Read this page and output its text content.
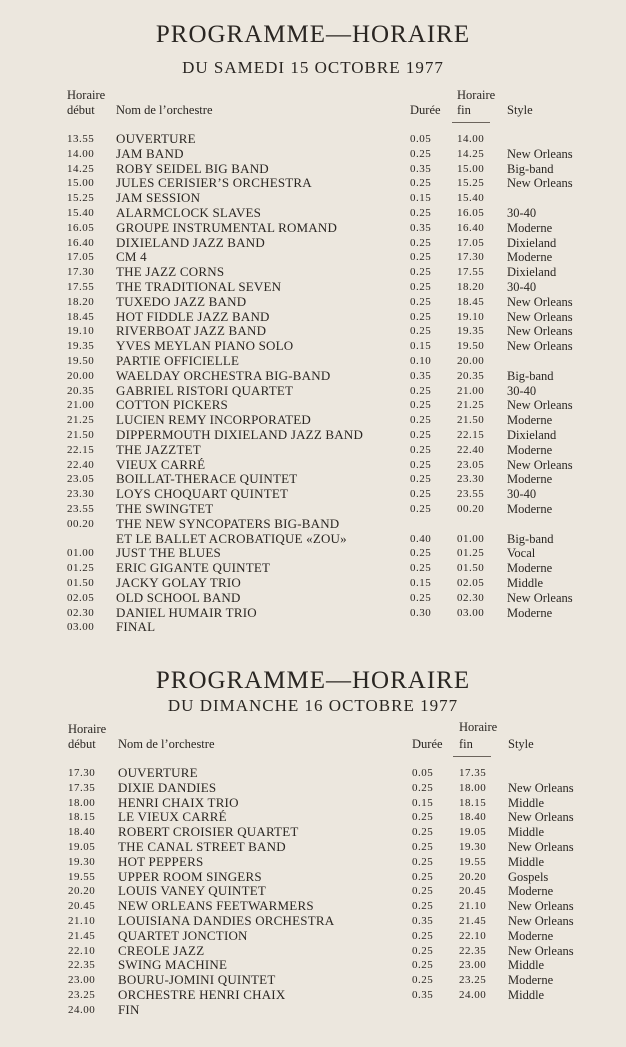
PROGRAMME—HORAIRE
DU SAMEDI 15 OCTOBRE 1977
Horaire
début Nom de l’orchestre	Durée
Horaire
fin	Style
13.55 OUVERTURE	0.05 14.00
14.00 JAM BAND	0.25 14.25 New Orleans
14.25 ROBY SEIDEL BIG BAND	0.35 15.00 Big-band
15.00 JULES CERISIER’S ORCHESTRA	0.25 15.25 New Orleans
15.25 JAM SESSION	0.15 15.40
15.40 ALARMCLOCK SLAVES	0.25 16.05 30-40
16.05 GROUPE INSTRUMENTAL ROMAND	0.35 16.40 Moderne
16.40 DIXIELAND JAZZ BAND	0.25 17.05 Dixieland
17.05 CM 4	0.25 17.30 Moderne
17.30 THE JAZZ CORNS	0.25 17.55 Dixieland
17.55 THE TRADITIONAL SEVEN	0.25 18.20 30-40
18.20 TUXEDO JAZZ BAND	0.25 18.45 New Orleans
18.45 HOT FIDDLE JAZZ BAND	0.25 19.10 New Orleans
19.10 RIVERBOAT JAZZ BAND	0.25 19.35 New Orleans
19.35 YVES MEYLAN PIANO SOLO	0.15 19.50 New Orleans
19.50 PARTIE OFFICIELLE	0.10 20.00
20.00 WAELDAY ORCHESTRA BIG-BAND	0.35 20.35 Big-band
20.35 GABRIEL RISTORI QUARTET	0.25 21.00 30-40
21.00 COTTON PICKERS	0.25 21.25 New Orleans
21.25 LUCIEN REMY INCORPORATED	0.25 21.50 Moderne
21.50 DIPPERMOUTH DIXIELAND JAZZ BAND	0.25 22.15 Dixieland
22.15 THE JAZZTET	0.25 22.40 Moderne
22.40 VIEUX CARRÉ	0.25 23.05 New Orleans
23.05 BOILLAT-THERACE QUINTET	0.25 23.30 Moderne
23.30 LOYS CHOQUART QUINTET	0.25 23.55 30-40
23.55 THE SWINGTET	0.25 00.20 Moderne
00.20 THE NEW SYNCOPATERS BIG-BAND
ET LE BALLET ACROBATIQUE «ZOU»	0.40 01.00 Big-band
01.00 JUST THE BLUES	0.25 01.25 Vocal
01.25 ERIC GIGANTE QUINTET	0.25 01.50 Moderne
01.50 JACKY GOLAY TRIO	0.15 02.05 Middle
02.05 OLD SCHOOL BAND	0.25 02.30 New Orleans
02.30 DANIEL HUMAIR TRIO	0.30 03.00 Moderne
03.00 FINAL
PROGRAMME—HORAIRE
DU DIMANCHE 16 OCTOBRE 1977
Horaire
début Nom de l’orchestre	Durée
Horaire
fin	Style
17.30 OUVERTURE	0.05 17.35
17.35 DIXIE DANDIES	0.25 18.00 New Orleans
18.00 HENRI CHAIX TRIO	0.15 18.15 Middle
18.15 LE VIEUX CARRÉ	0.25 18.40 New Orleans
18.40 ROBERT CROISIER QUARTET	0.25 19.05 Middle
19.05 THE CANAL STREET BAND	0.25 19.30 New Orleans
19.30 HOT PEPPERS	0.25 19.55 Middle
19.55 UPPER ROOM SINGERS	0.25 20.20 Gospels
20.20 LOUIS VANEY QUINTET	0.25 20.45 Moderne
20.45 NEW ORLEANS FEETWARMERS	0.25 21.10 New Orleans
21.10 LOUISIANA DANDIES ORCHESTRA	0.35 21.45 New Orleans
21.45 QUARTET JONCTION	0.25 22.10 Moderne
22.10 CREOLE JAZZ	0.25 22.35 New Orleans
22.35 SWING MACHINE	0.25 23.00 Middle
23.00 BOURU-JOMINI QUINTET	0.25 23.25 Moderne
23.25 ORCHESTRE HENRI CHAIX	0.35 24.00 Middle
24.00 FIN
